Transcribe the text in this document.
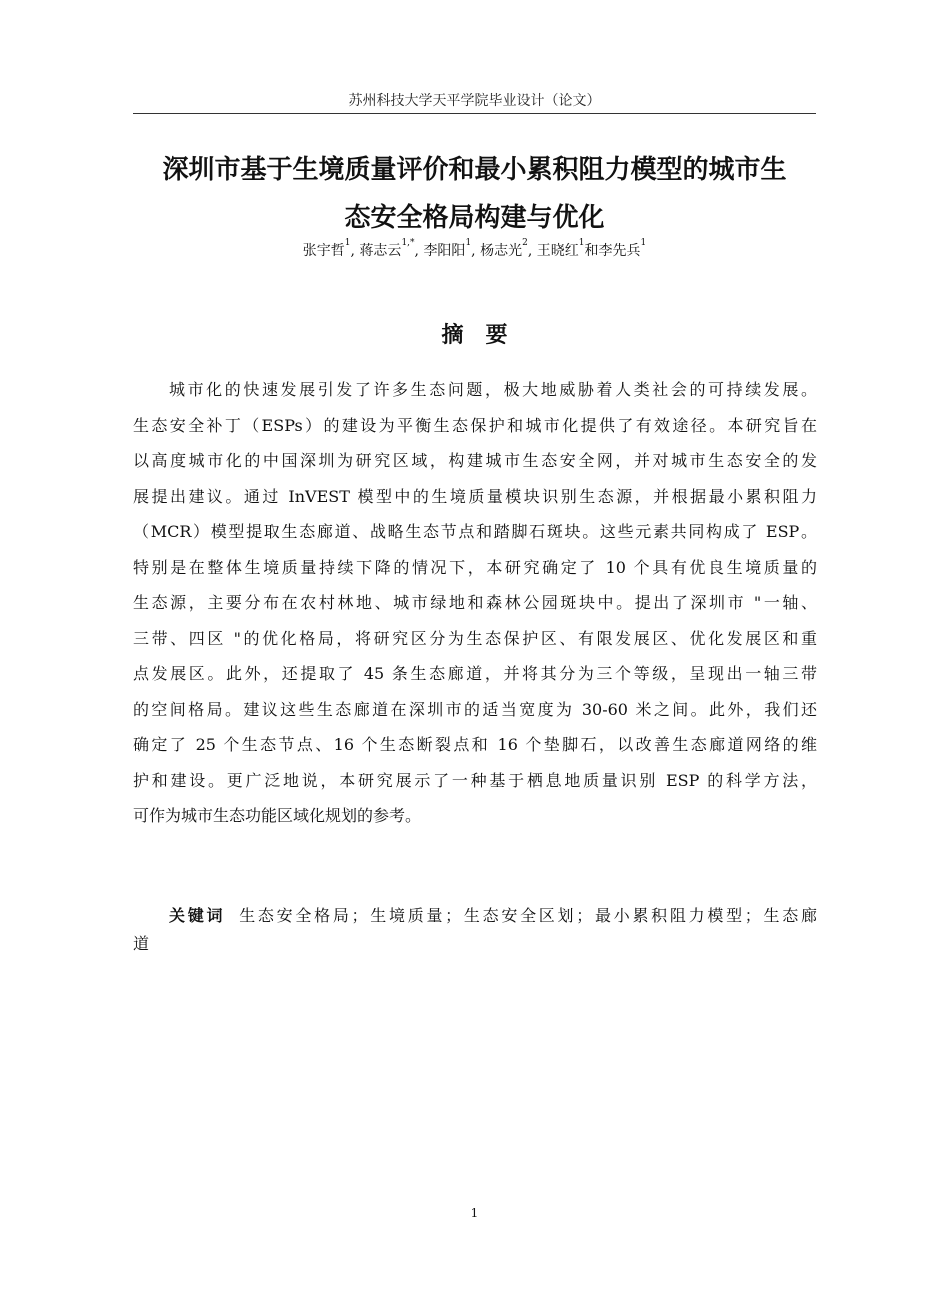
苏州科技大学天平学院毕业设计（论文）
深圳市基于生境质量评价和最小累积阻力模型的城市生
态安全格局构建与优化
张宇哲$^1$, 蒋志云$^{1,*}$, 李阳阳$^1$, 杨志光$^2$, 王晓红$^1$和李先兵$^1$
摘　要

城市化的快速发展引发了许多生态问题，极大地威胁着人类社会的可持续发展。
生态安全补丁（ESPs）的建设为平衡生态保护和城市化提供了有效途径。本研究旨在
以高度城市化的中国深圳为研究区域，构建城市生态安全网，并对城市生态安全的发
展提出建议。通过 InVEST 模型中的生境质量模块识别生态源，并根据最小累积阻力
（MCR）模型提取生态廊道、战略生态节点和踏脚石斑块。这些元素共同构成了 ESP。
特别是在整体生境质量持续下降的情况下，本研究确定了 10 个具有优良生境质量的
生态源，主要分布在农村林地、城市绿地和森林公园斑块中。提出了深圳市 "一轴、
三带、四区 "的优化格局，将研究区分为生态保护区、有限发展区、优化发展区和重
点发展区。此外，还提取了 45 条生态廊道，并将其分为三个等级，呈现出一轴三带
的空间格局。建议这些生态廊道在深圳市的适当宽度为 30-60 米之间。此外，我们还
确定了 25 个生态节点、16 个生态断裂点和 16 个垫脚石，以改善生态廊道网络的维
护和建设。更广泛地说，本研究展示了一种基于栖息地质量识别 ESP 的科学方法，
可作为城市生态功能区域化规划的参考。

关键词 生态安全格局；生境质量；生态安全区划；最小累积阻力模型；生态廊
道
1
